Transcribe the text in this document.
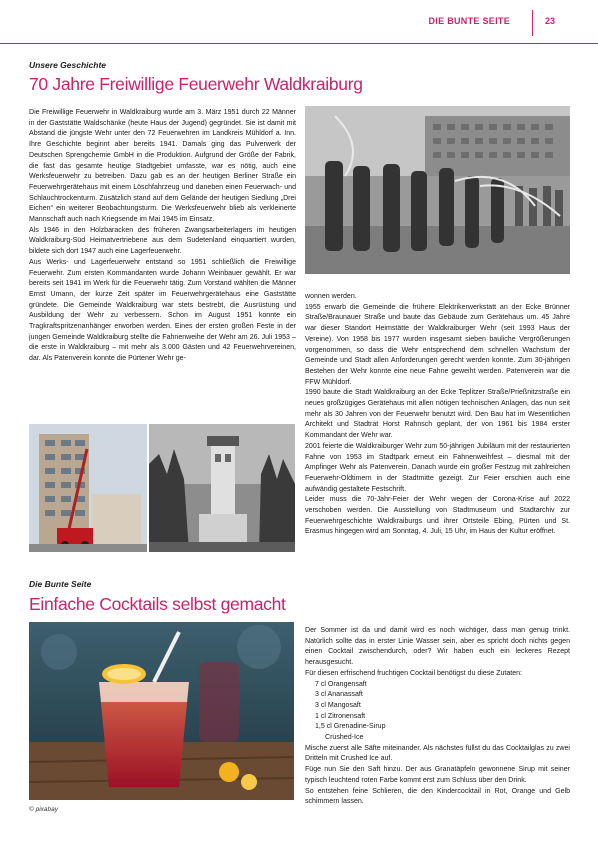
DIE BUNTE SEITE	23
Unsere Geschichte
70 Jahre Freiwillige Feuerwehr Waldkraiburg

Die Freiwillige Feuerwehr in Waldkraiburg wurde am 3. März 1951 durch 22 Männer in der Gaststätte Waldschänke (heute Haus der Jugend) gegründet. Sie ist damit mit Abstand die jüngste Wehr unter den 72 Feuerwehren im Landkreis Mühldorf a. Inn. Ihre Geschichte beginnt aber bereits 1941. Damals ging das Pulverwerk der Deutschen Sprengchemie GmbH in die Produktion. Aufgrund der Größe der Fabrik, die fast das gesamte heutige Stadtgebiet umfasste, war es nötig, auch eine Werksfeuerwehr zu betreiben. Dazu gab es an der heutigen Berliner Straße ein Feuerwehrgerätehaus mit einem Löschfahrzeug und daneben einen Feuerwach- und Schlauchtrockenturm. Zusätzlich stand auf dem Gelände der heutigen Siedlung „Drei Eichen“ ein weiterer Beobachtungsturm. Die Werksfeuerwehr blieb als verkleinerte Mannschaft auch nach Kriegsende im Mai 1945 im Einsatz.

Als 1946 in den Holzbaracken des früheren Zwangsarbeiterlagers im heutigen Waldkraiburg-Süd Heimatvertriebene aus dem Sudetenland einquartiert wurden, bildete sich dort 1947 auch eine Lagerfeuerwehr.

Aus Werks- und Lagerfeuerwehr entstand so 1951 schließlich die Freiwillige Feuerwehr. Zum ersten Kommandanten wurde Johann Weinbauer gewählt. Er war bereits seit 1941 im Werk für die Feuerwehr tätig. Zum Vorstand wählten die Männer Ernst Umann, der kurze Zeit später im Feuerwehrgerätehaus eine Gaststätte gründete. Die Gemeinde Waldkraiburg war stets bestrebt, die Ausrüstung und Ausbildung der Wehr zu verbessern. Schon im August 1951 konnte ein Tragkraftspritzenanhänger erworben werden. Eines der ersten großen Feste in der jungen Gemeinde Waldkraiburg stellte die Fahnenweihe der Wehr am 26. Juli 1953 – die erste in Waldkraiburg – mit mehr als 3.000 Gästen und 42 Feuerwehrvereinen, dar. Als Patenverein konnte die Pürtener Wehr ge-

wonnen werden.

1955 erwarb die Gemeinde die frühere Elektrikerwerkstatt an der Ecke Brünner Straße/Braunauer Straße und baute das Gebäude zum Gerätehaus um. 45 Jahre war dieser Standort Heimstätte der Waldkraiburger Wehr (seit 1993 Haus der Vereine). Von 1958 bis 1977 wurden insgesamt sieben bauliche Vergrößerungen vorgenommen, so dass die Wehr entsprechend dem schnellen Wachstum der Gemeinde und Stadt allen Anforderungen gerecht werden konnte. Zum 30-jährigen Bestehen der Wehr konnte eine neue Fahne geweiht werden. Patenverein war die FFW Mühldorf.

1990 baute die Stadt Waldkraiburg an der Ecke Teplitzer Straße/Prießnitzstraße ein neues großzügiges Gerätehaus mit allen nötigen technischen Anlagen, das nun seit mehr als 30 Jahren von der Feuerwehr benutzt wird. Den Bau hat im Wesentlichen Architekt und Stadtrat Horst Rahnsch geplant, der von 1961 bis 1984 erster Kommandant der Wehr war.

2001 feierte die Waldkraiburger Wehr zum 50-jährigen Jubiläum mit der restaurierten Fahne von 1953 im Stadtpark erneut ein Fahnenweihfest – diesmal mit der Ampfinger Wehr als Patenverein. Danach wurde ein großer Festzug mit zahlreichen Feuerwehr-Oldtimern in der Stadtmitte gezeigt. Zur Feier erschien auch eine aufwändig gestaltete Festschrift.

Leider muss die 70-Jahr-Feier der Wehr wegen der Corona-Krise auf 2022 verschoben werden. Die Ausstellung von Stadtmuseum und Stadtarchiv zur Feuerwehrgeschichte Waldkraiburgs und ihrer Ortsteile Ebing, Pürten und St. Erasmus hingegen wird am Sonntag, 4. Juli, 15 Uhr, im Haus der Kultur eröffnet.

Die Bunte Seite
Einfache Cocktails selbst gemacht
© pixabay

Der Sommer ist da und damit wird es noch wichtiger, dass man genug trinkt. Natürlich sollte das in erster Linie Wasser sein, aber es spricht doch nichts gegen einen Cocktail zwischendurch, oder? Wir haben euch ein leckeres Rezept herausgesucht.

Für diesen erfrischend fruchtigen Cocktail benötigst du diese Zutaten:

7 cl Orangensaft

3 cl Ananassaft

3 cl Mangosaft

1 cl Zitronensaft

1,5 cl Grenadine-Sirup

Crushed-Ice

Mische zuerst alle Säfte miteinander. Als nächstes füllst du das Cocktailglas zu zwei Dritteln mit Crushed Ice auf.

Füge nun Sie den Saft hinzu. Der aus Granatäpfeln gewonnene Sirup mit seiner typisch leuchtend roten Farbe kommt erst zum Schluss über den Drink.

So entstehen feine Schlieren, die den Kindercocktail in Rot, Orange und Gelb schimmern lassen.
